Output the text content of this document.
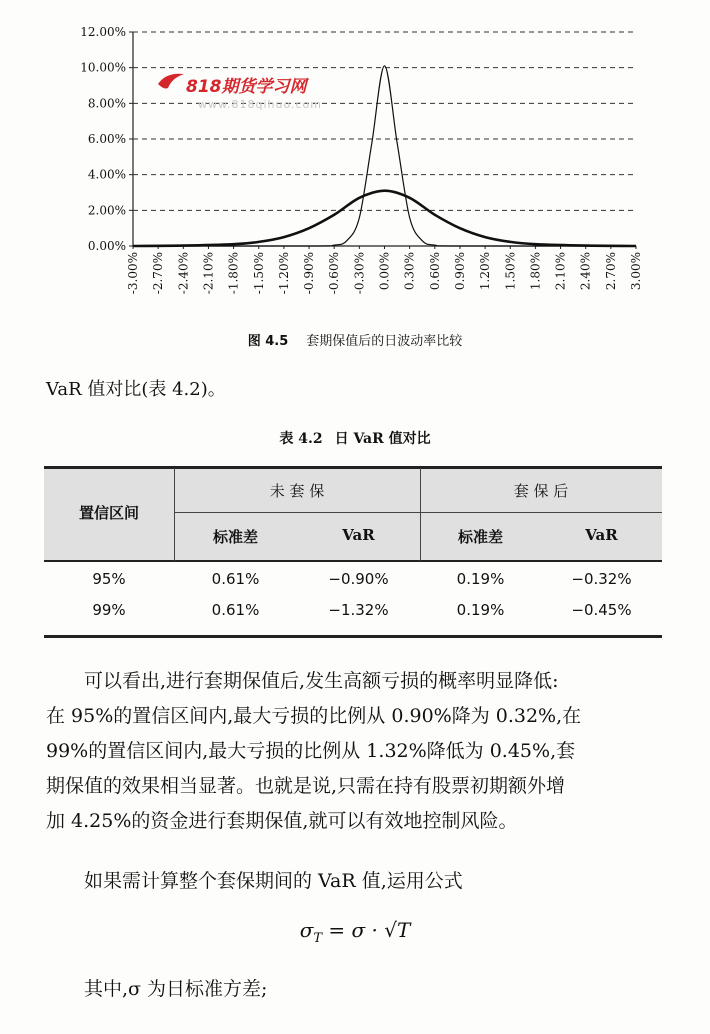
0.00%
2.00%
4.00%
6.00%
8.00%
10.00%
12.00%
-3.00% -2.70% -2.40% -2.10% -1.80% -1.50% -1.20% -0.90% -0.60% -0.30% 0.00% 0.30% 0.60% 0.90% 1.20% 1.50% 1.80% 2.10% 2.40% 2.70% 3.00%
818期货学习网
www.818qihuo.com
图 4.5 套期保值后的日波动率比较
VaR 值对比(表 4.2)。
表 4.2 日 VaR 值对比
置信区间
未 套 保	套 保 后
标准差	VaR	标准差	VaR
95%	0.61%	−0.90%	0.19%	−0.32%
99%	0.61%	−1.32%	0.19%	−0.45%
　　可以看出,进行套期保值后,发生高额亏损的概率明显降低:
在 95%的置信区间内,最大亏损的比例从 0.90%降为 0.32%,在
99%的置信区间内,最大亏损的比例从 1.32%降低为 0.45%,套
期保值的效果相当显著。也就是说,只需在持有股票初期额外增
加 4.25%的资金进行套期保值,就可以有效地控制风险。
　　如果需计算整个套保期间的 VaR 值,运用公式
$\sigma_T = \sigma \cdot √T$
　　其中,σ 为日标准方差;
